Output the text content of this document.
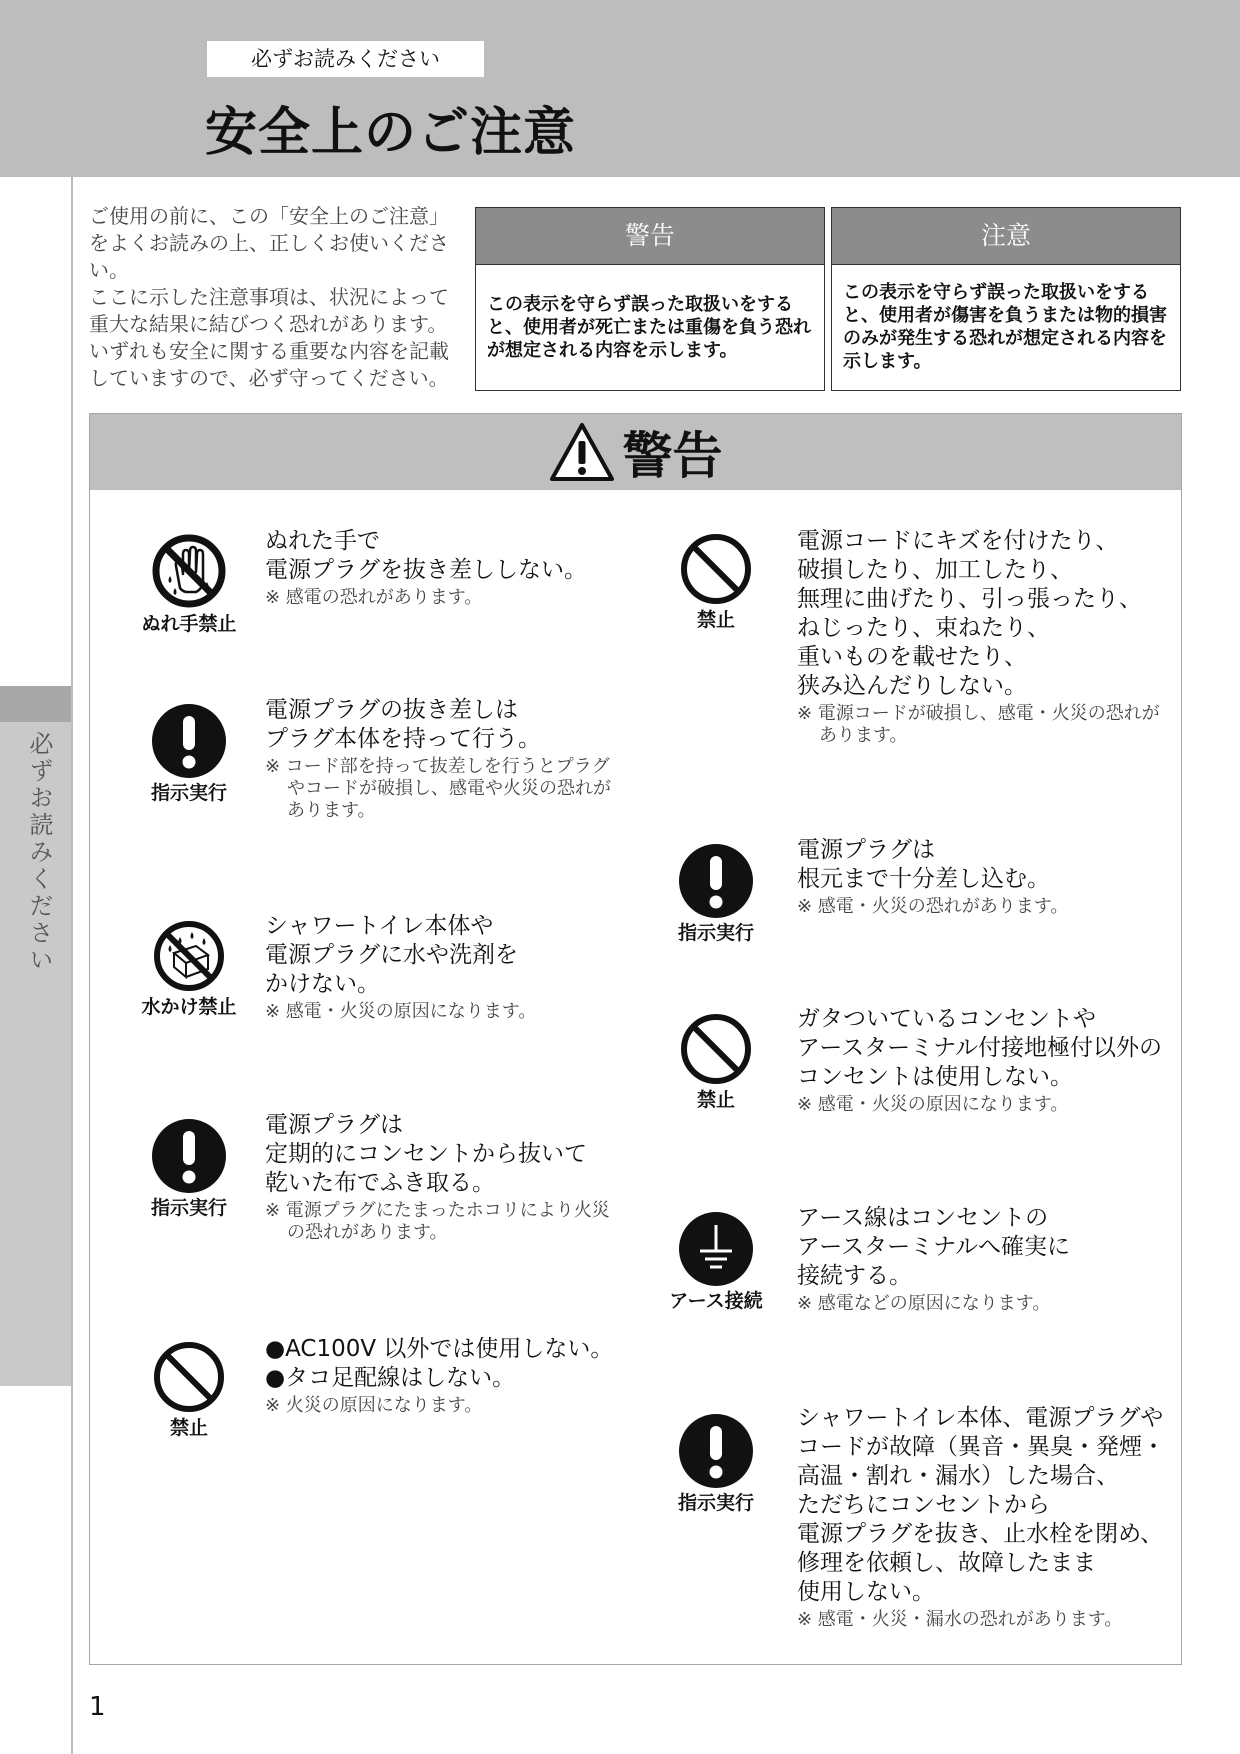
必ずお読みください
安全上のご注意
必ずお読みください

ご使用の前に、この「安全上のご注意」をよくお読みの上、正しくお使いください。

ここに示した注意事項は、状況によって重大な結果に結びつく恐れがあります。

いずれも安全に関する重要な内容を記載していますので、必ず守ってください。

警告
この表示を守らず誤った取扱いをすると、使用者が死亡または重傷を負う恐れが想定される内容を示します。
注意
この表示を守らず誤った取扱いをすると、使用者が傷害を負うまたは物的損害のみが発生する恐れが想定される内容を示します。
警告
ぬれ手禁止
指示実行
水かけ禁止
指示実行
禁止
禁止
指示実行
禁止
アース接続
指示実行
ぬれた手で
電源プラグを抜き差ししない。
※ 感電の恐れがあります。
電源プラグの抜き差しは
プラグ本体を持って行う。
※ コード部を持って抜差しを行うとプラグやコードが破損し、感電や火災の恐れがあります。
シャワートイレ本体や
電源プラグに水や洗剤を
かけない。
※ 感電・火災の原因になります。
電源プラグは
定期的にコンセントから抜いて
乾いた布でふき取る。
※ 電源プラグにたまったホコリにより火災の恐れがあります。
●AC100V 以外では使用しない。
●タコ足配線はしない。
※ 火災の原因になります。
電源コードにキズを付けたり、
破損したり、加工したり、
無理に曲げたり、引っ張ったり、
ねじったり、束ねたり、
重いものを載せたり、
狭み込んだりしない。
※ 電源コードが破損し、感電・火災の恐れがあります。
電源プラグは
根元まで十分差し込む。
※ 感電・火災の恐れがあります。
ガタついているコンセントや
アースターミナル付接地極付以外の
コンセントは使用しない。
※ 感電・火災の原因になります。
アース線はコンセントの
アースターミナルへ確実に
接続する。
※ 感電などの原因になります。
シャワートイレ本体、電源プラグや
コードが故障（異音・異臭・発煙・
高温・割れ・漏水）した場合、
ただちにコンセントから
電源プラグを抜き、止水栓を閉め、
修理を依頼し、故障したまま
使用しない。
※ 感電・火災・漏水の恐れがあります。
1
